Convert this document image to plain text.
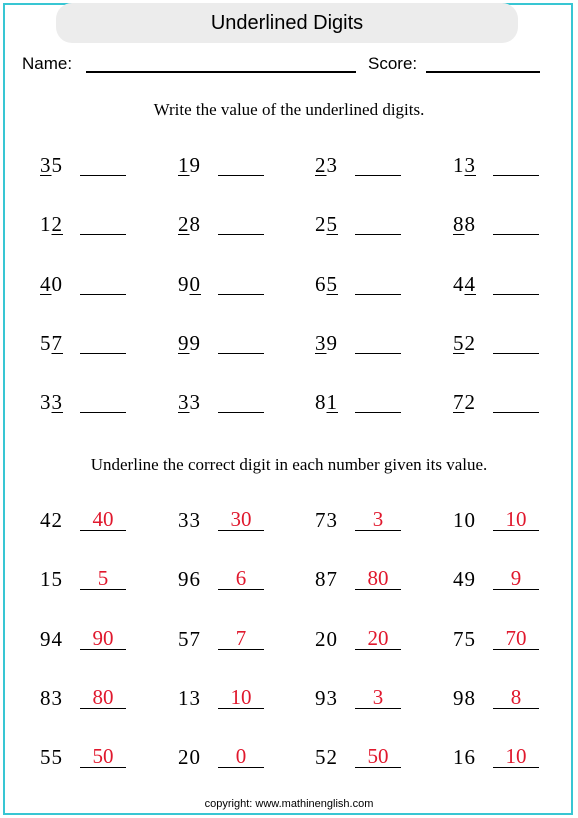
Underlined Digits
Name:	Score:
Write the value of the underlined digits.
35	19	23	13
12	28	25	88
40	90	65	44
57	99	39	52
33	33	81	72
Underline the correct digit in each number given its value.
42	40	33	30	73	3	10	10
15	5	96	6	87	80	49	9
94	90	57	7	20	20	75	70
83	80	13	10	93	3	98	8
55	50	20	0	52	50	16	10
copyright: www.mathinenglish.com
